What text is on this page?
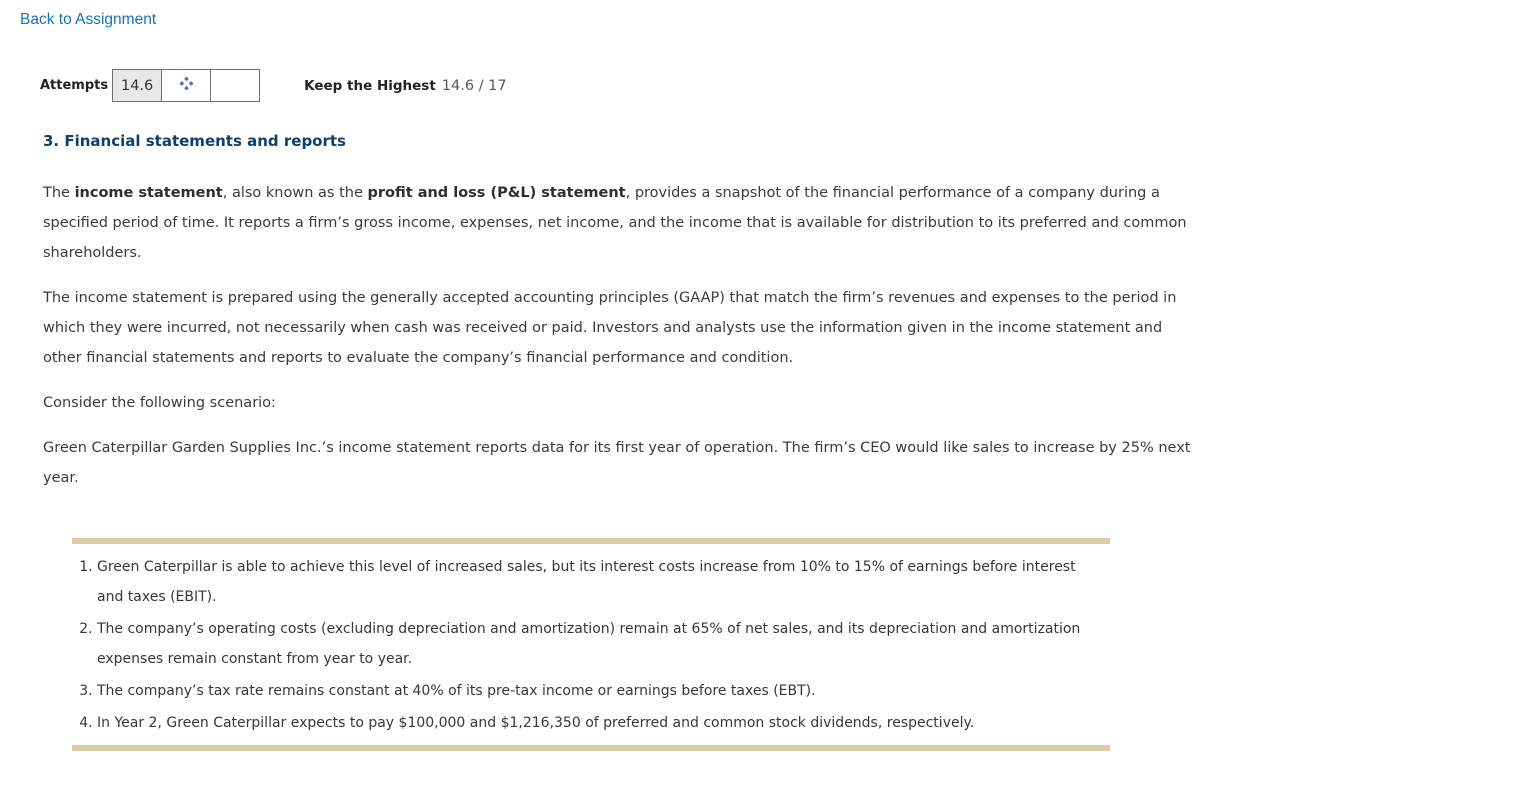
Back to Assignment
Attempts 14.6	Keep the Highest 14.6 / 17
3. Financial statements and reports

The income statement, also known as the profit and loss (P&L) statement, provides a snapshot of the financial performance of a company during a specified period of time. It reports a firm’s gross income, expenses, net income, and the income that is available for distribution to its preferred and common shareholders.

The income statement is prepared using the generally accepted accounting principles (GAAP) that match the firm’s revenues and expenses to the period in which they were incurred, not necessarily when cash was received or paid. Investors and analysts use the information given in the income statement and other financial statements and reports to evaluate the company’s financial performance and condition.

Consider the following scenario:

Green Caterpillar Garden Supplies Inc.’s income statement reports data for its first year of operation. The firm’s CEO would like sales to increase by 25% next year.

1. Green Caterpillar is able to achieve this level of increased sales, but its interest costs increase from 10% to 15% of earnings before interest and taxes (EBIT).
2. The company’s operating costs (excluding depreciation and amortization) remain at 65% of net sales, and its depreciation and amortization expenses remain constant from year to year.
3. The company’s tax rate remains constant at 40% of its pre-tax income or earnings before taxes (EBT).
4. In Year 2, Green Caterpillar expects to pay $100,000 and $1,216,350 of preferred and common stock dividends, respectively.
